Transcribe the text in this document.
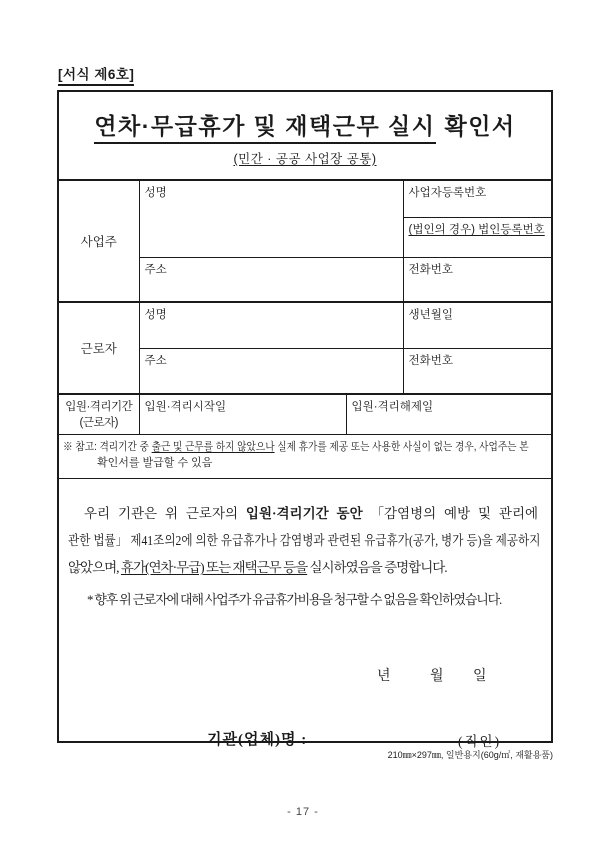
[서식 제6호]
연차·무급휴가 및 재택근무 실시 확인서
(민간 · 공공 사업장 공통)
사업주	성명		사업자등록번호
			(법인의 경우) 법인등록번호
	주소		전화번호
근로자	성명		생년월일
	주소		전화번호

입원·격리기간
(근로자)	입원·격리시작일	입원·격리해제일	

※ 참고: 격리기간 중 출근 및 근무를 하지 않았으나 실제 휴가를 제공 또는 사용한 사실이 없는 경우, 사업주는 본
확인서를 발급할 수 있음			
우리 기관은 위 근로자의 입원·격리기간 동안 「감염병의 예방 및 관리에
관한 법률」 제41조의2에 의한 유급휴가나 감염병과 관련된 유급휴가(공가, 병가 등)을 제공하지
않았으며, 휴가(연차·무급) 또는 재택근무 등을 실시하였음을 증명합니다.
* 향후 위 근로자에 대해 사업주가 유급휴가비용을 청구할 수 없음을 확인하였습니다.
년	월 일
기관(업체)명 :	(직인)
210㎜×297㎜, 일반용지(60g/㎡, 재활용품)
- 17 -
